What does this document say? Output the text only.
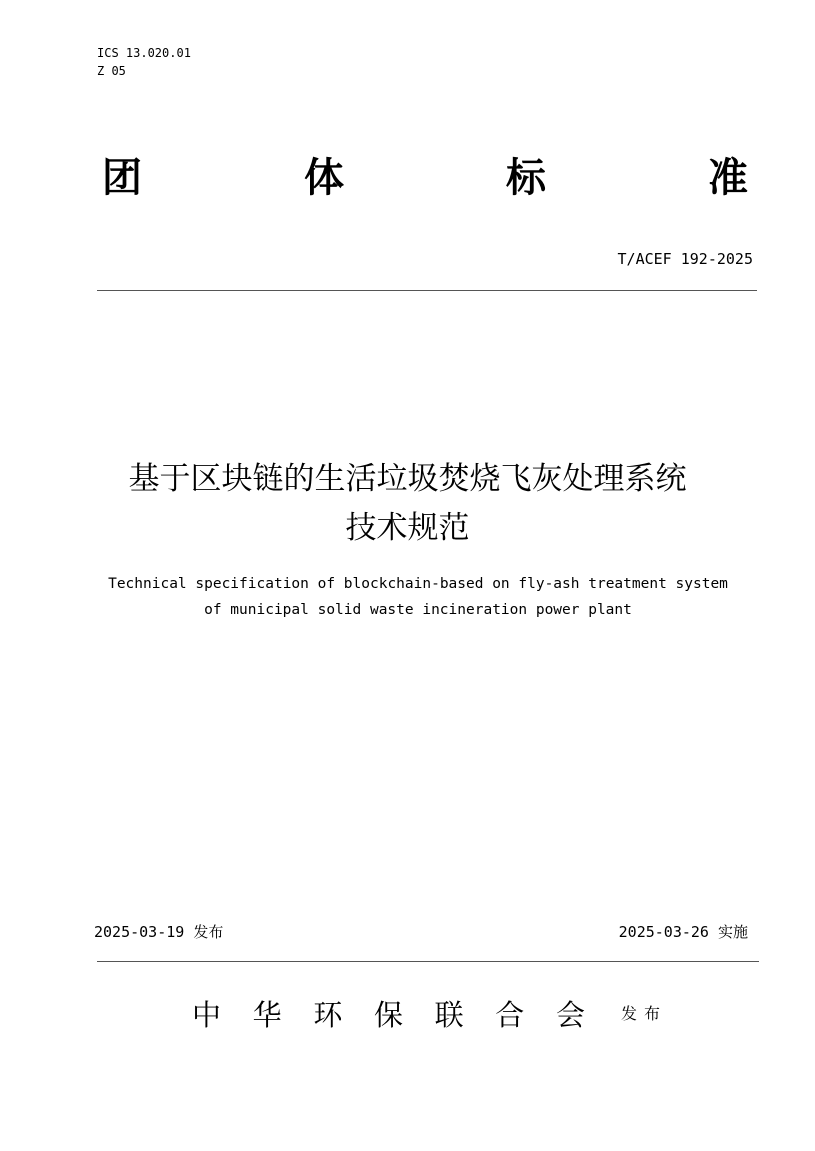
ICS 13.020.01
Z 05
团	体	标	准
T/ACEF 192-2025
基于区块链的生活垃圾焚烧飞灰处理系统
技术规范
Technical specification of blockchain-based on fly-ash treatment system
of municipal solid waste incineration power plant
2025-03-19 发布	2025-03-26 实施
中 华 环 保 联 合 会 发布
